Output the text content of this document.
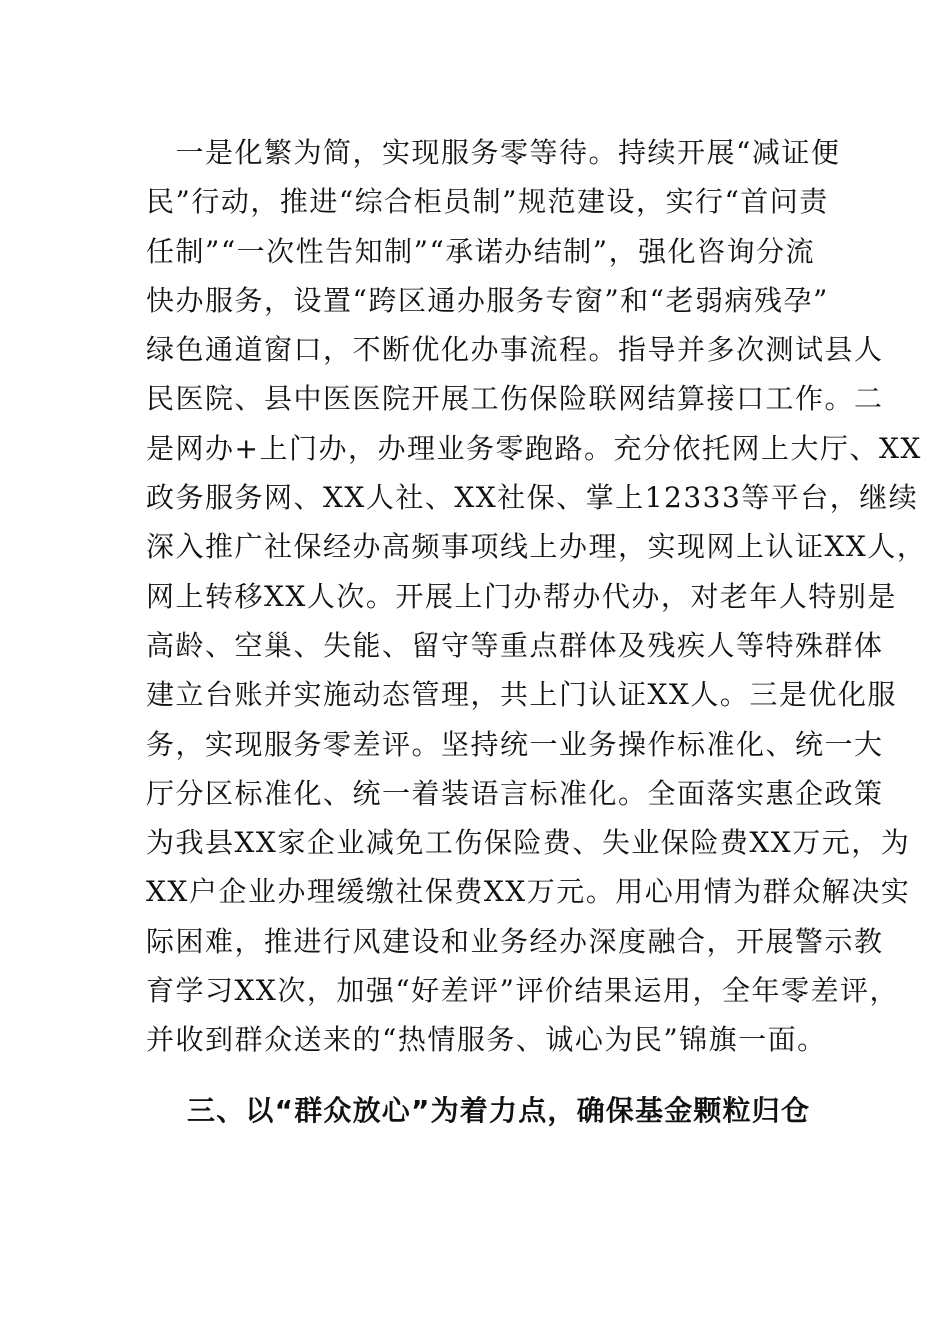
　一是化繁为简，实现服务零等待。持续开展“减证便
民”行动，推进“综合柜员制”规范建设，实行“首问责
任制”“一次性告知制”“承诺办结制”，强化咨询分流
快办服务，设置“跨区通办服务专窗”和“老弱病残孕”
绿色通道窗口，不断优化办事流程。指导并多次测试县人
民医院、县中医医院开展工伤保险联网结算接口工作。二
是网办+上门办，办理业务零跑路。充分依托网上大厅、XX
政务服务网、XX人社、XX社保、掌上12333等平台，继续
深入推广社保经办高频事项线上办理，实现网上认证XX人，
网上转移XX人次。开展上门办帮办代办，对老年人特别是
高龄、空巢、失能、留守等重点群体及残疾人等特殊群体
建立台账并实施动态管理，共上门认证XX人。三是优化服
务，实现服务零差评。坚持统一业务操作标准化、统一大
厅分区标准化、统一着装语言标准化。全面落实惠企政策
为我县XX家企业减免工伤保险费、失业保险费XX万元，为
XX户企业办理缓缴社保费XX万元。用心用情为群众解决实
际困难，推进行风建设和业务经办深度融合，开展警示教
育学习XX次，加强“好差评”评价结果运用，全年零差评，
并收到群众送来的“热情服务、诚心为民”锦旗一面。
三、以“群众放心”为着力点，确保基金颗粒归仓
